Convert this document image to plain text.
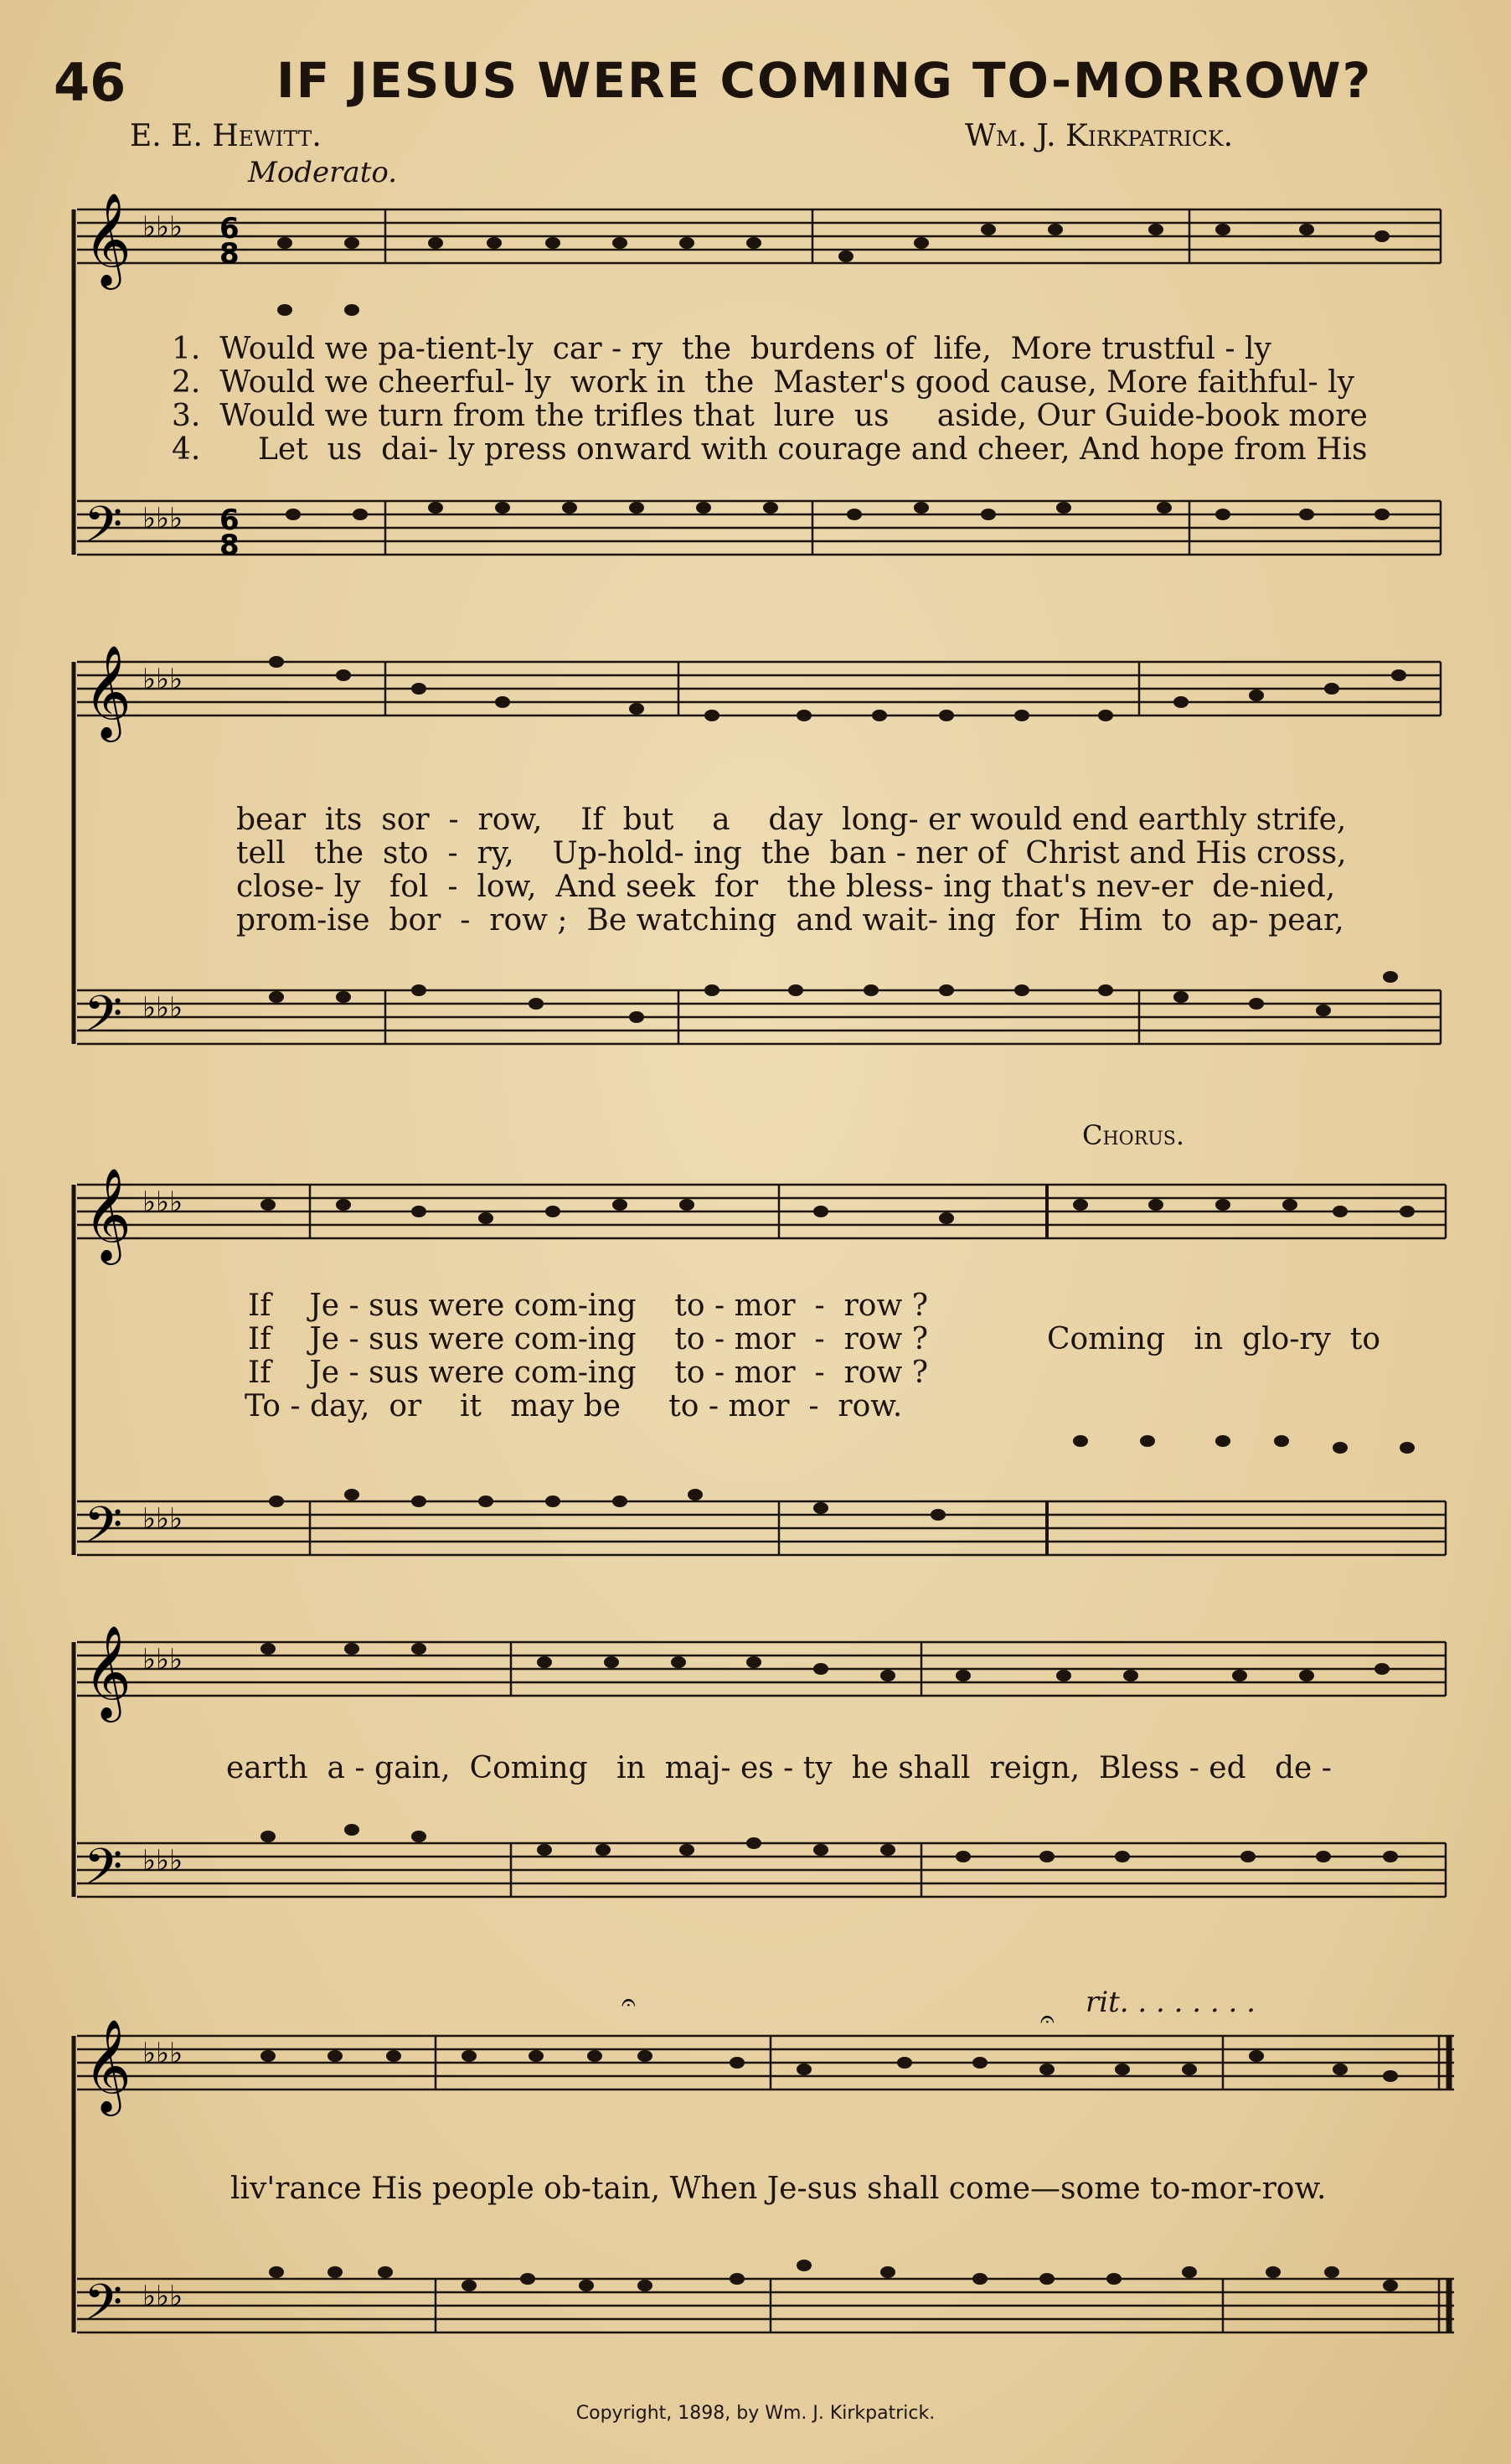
46	IF JESUS WERE COMING TO-MORROW?
E. E. Hewitt.	Wm. J. Kirkpatrick.
Moderato.
𝄞
𝄢
♭♭♭
♭♭♭
6
8
6
8
1.  Would we pa-tient-ly  car - ry  the  burdens of  life,  More trustful - ly
2.  Would we cheerful- ly  work in  the  Master's good cause, More faithful- ly
3.  Would we turn from the trifles that  lure  us     aside, Our Guide-book more
4.      Let  us  dai- ly press onward with courage and cheer, And hope from His
𝄞
𝄢
♭♭♭
♭♭♭
bear  its  sor  -  row,    If  but    a    day  long- er would end earthly strife,
tell   the  sto  -  ry,    Up-hold- ing  the  ban - ner of  Christ and His cross,
close- ly   fol  -  low,  And seek  for   the bless- ing that's nev-er  de-nied,
prom-ise  bor  -  row ;  Be watching  and wait- ing  for  Him  to  ap- pear,
Chorus.
𝄞
𝄢
♭♭♭
♭♭♭
If    Je - sus were com-ing    to - mor  -  row ?
If    Je - sus were com-ing    to - mor  -  row ?
If    Je - sus were com-ing    to - mor  -  row ?
To - day,  or    it   may be     to - mor  -  row.
Coming   in  glo-ry  to
𝄞
𝄢
♭♭♭
♭♭♭
earth  a - gain,  Coming   in  maj- es - ty  he shall  reign,  Bless - ed   de -
rit. . . . . . . .
𝄞
𝄢
♭♭♭
♭♭♭
𝄐
𝄐
liv'rance His people ob-tain, When Je-sus shall come—some to-mor-row.
Copyright, 1898, by Wm. J. Kirkpatrick.
